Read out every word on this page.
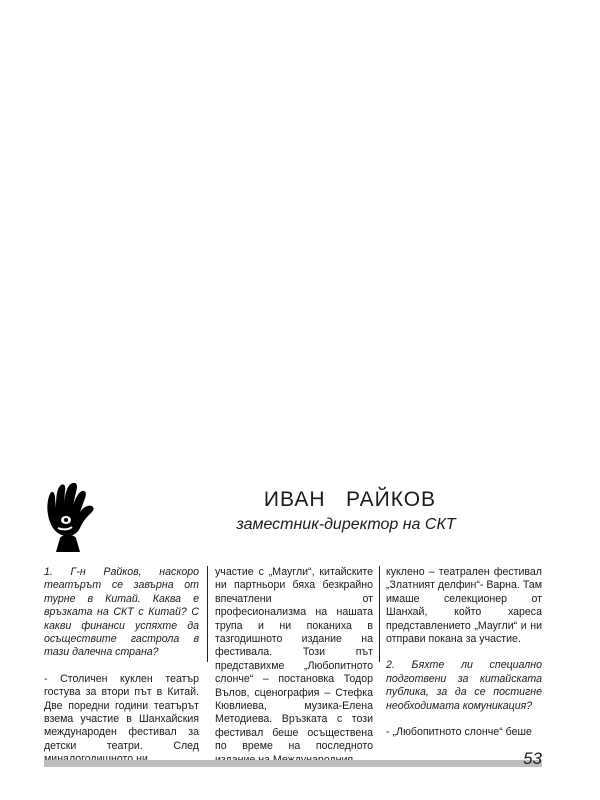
ИВАН РАЙКОВ

заместник-директор на СКТ

1. Г-н Райков, наскоро театърът се завърна от турне в Китай. Каква е връзката на СКТ с Китай? С какви финанси успяхте да осъществите гастрола в тази далечна страна?

- Столичен куклен театър гостува за втори път в Китай. Две поредни години театърът взема участие в Шанхайския международен фестивал за детски театри. След

участие с „Маугли“, китайските ни партньори бяха безкрайно впечатлени от професионализма на нашата трупа и ни поканиха в тазгодишното издание на фестивала. Този път представихме „Любопитното слонче“ – постановка Тодор Вълов, сценография – Стефка Кювлиева, музика-Елена Методиева. Връзката с този фестивал беше осъществена по време на последното

куклено – театрален фестивал „Златният делфин“- Варна. Там имаше селекционер от Шанхай, който хареса представлението „Маугли“ и ни отправи покана за участие.

2. Бяхте ли специално подготвени за китайската публика, за да се постигне необходимата комуникация?

- „Любопитното слонче“ беше

53
